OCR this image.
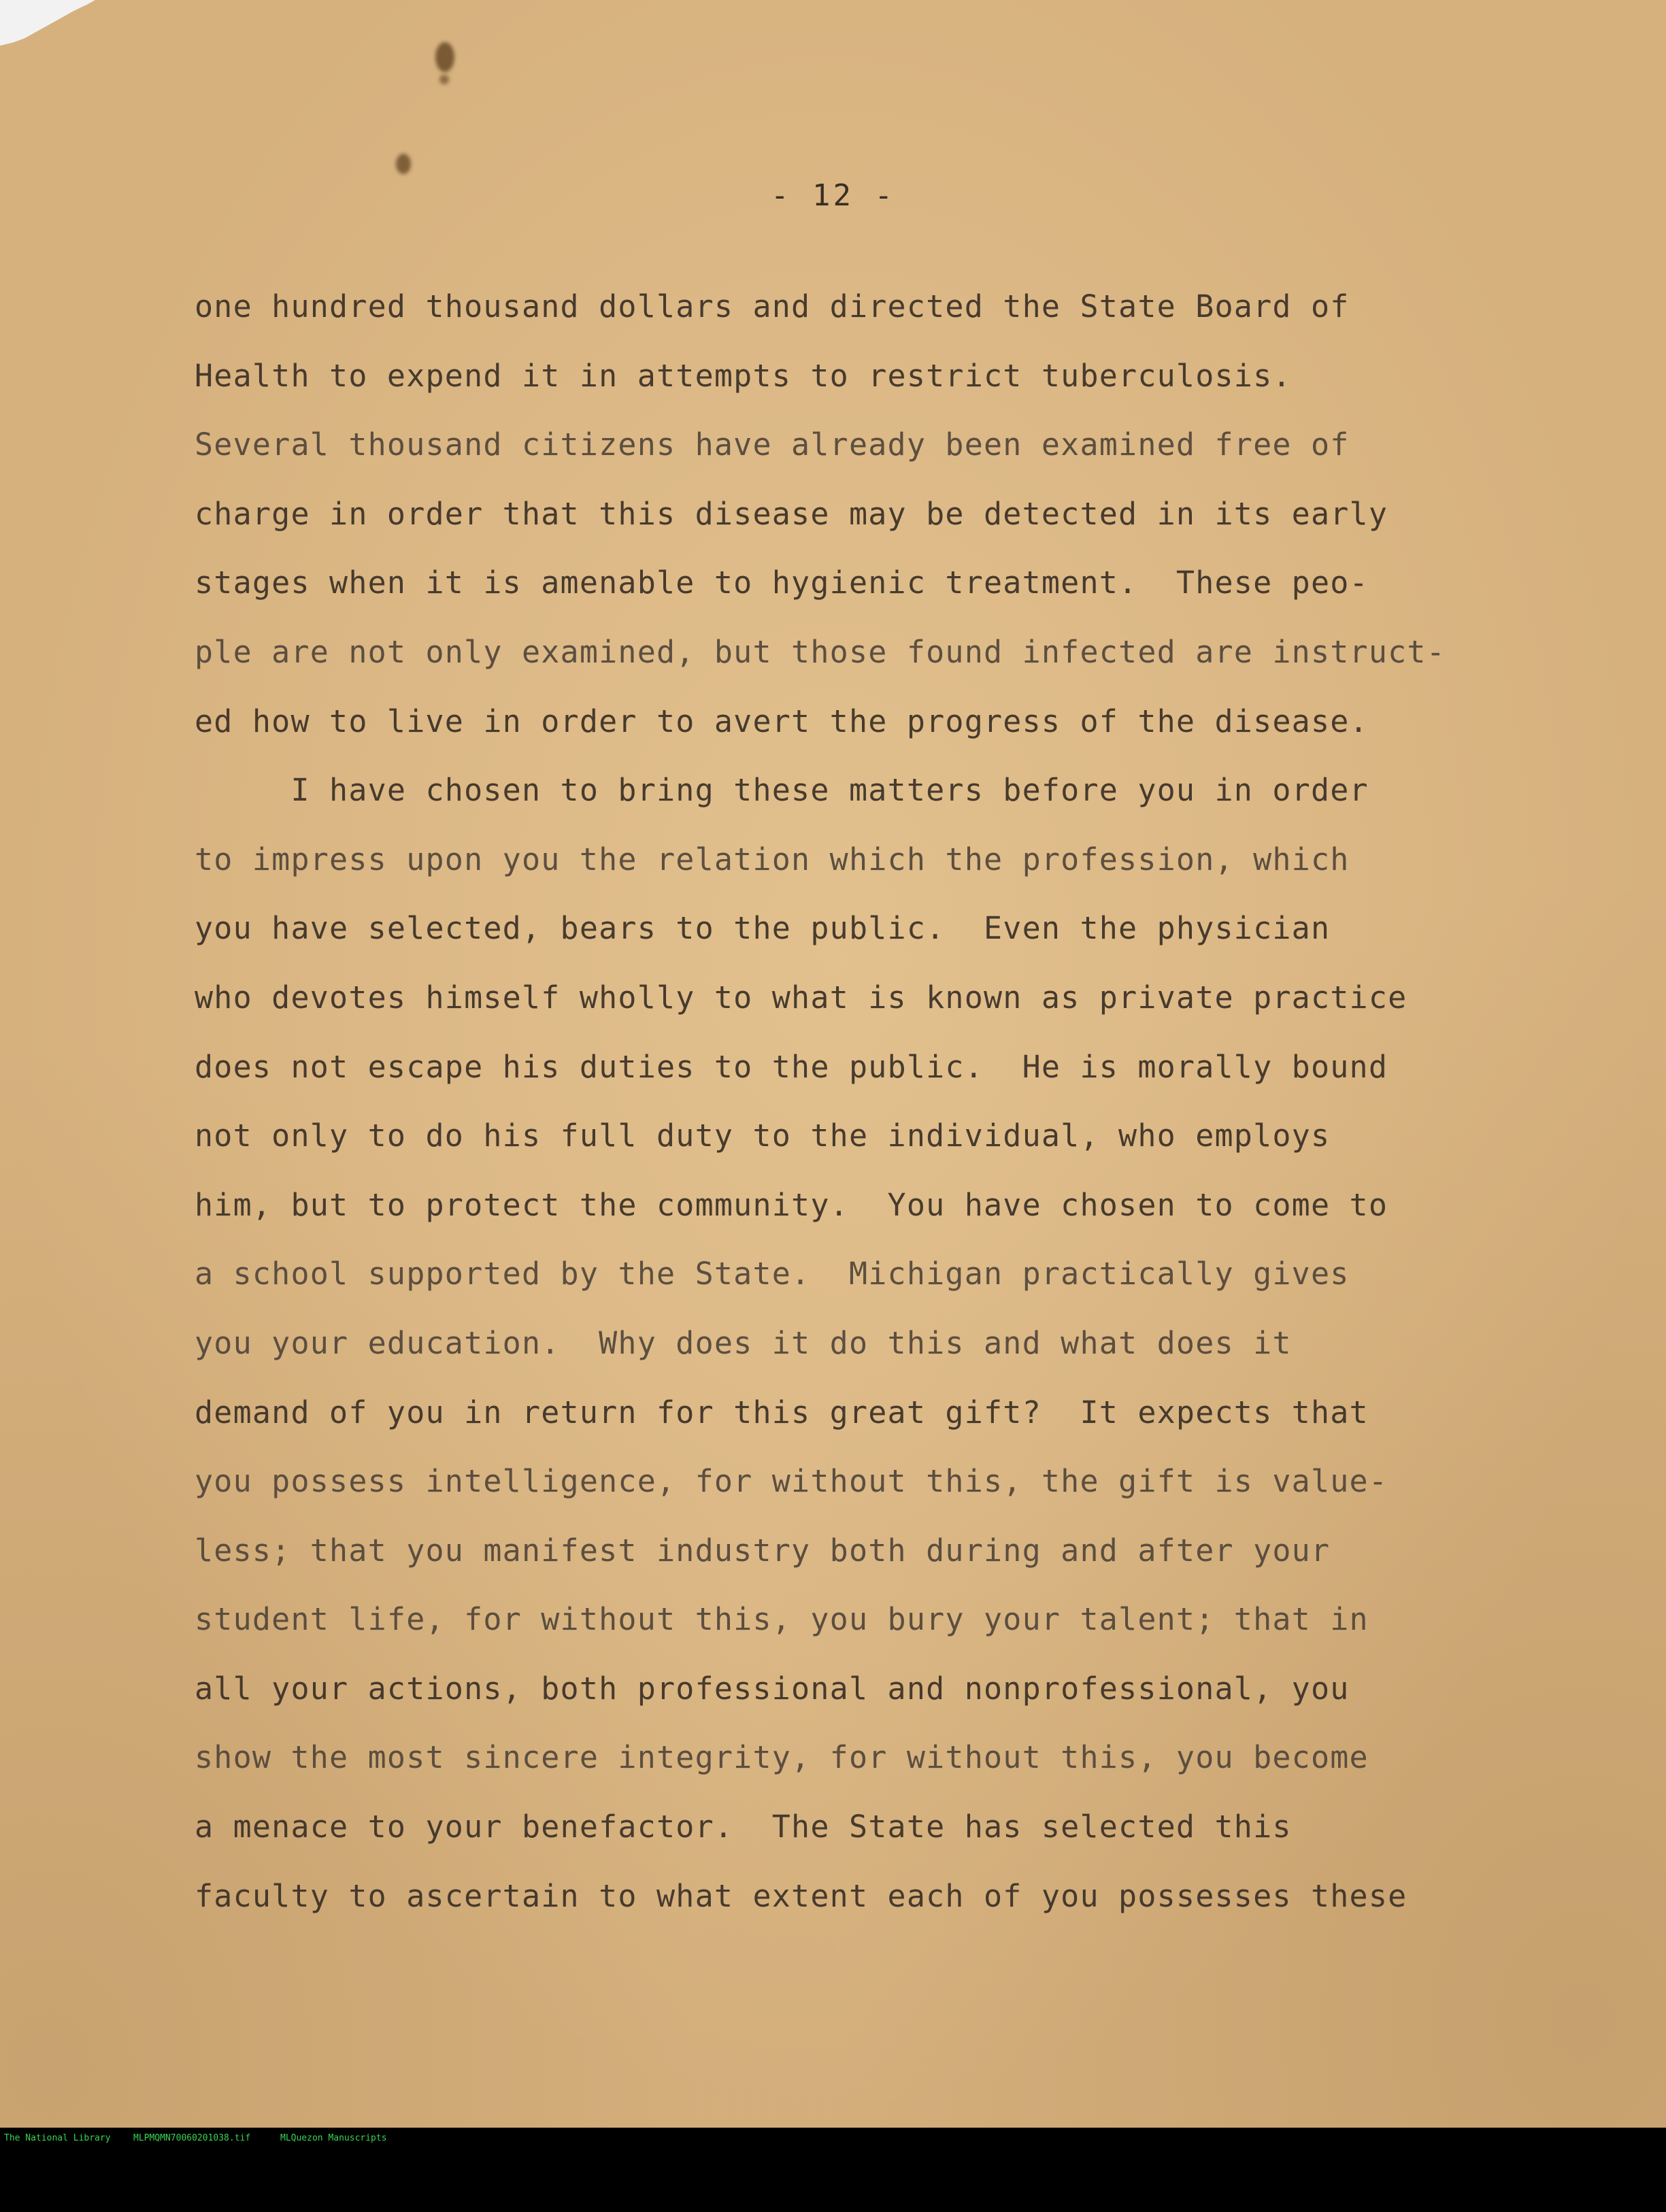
- 12 -
one hundred thousand dollars and directed the State Board of
Health to expend it in attempts to restrict tuberculosis.
Several thousand citizens have already been examined free of
charge in order that this disease may be detected in its early
stages when it is amenable to hygienic treatment.  These peo-
ple are not only examined, but those found infected are instruct-
ed how to live in order to avert the progress of the disease.
I have chosen to bring these matters before you in order
to impress upon you the relation which the profession, which
you have selected, bears to the public.  Even the physician
who devotes himself wholly to what is known as private practice
does not escape his duties to the public.  He is morally bound
not only to do his full duty to the individual, who employs
him, but to protect the community.  You have chosen to come to
a school supported by the State.  Michigan practically gives
you your education.  Why does it do this and what does it
demand of you in return for this great gift?  It expects that
you possess intelligence, for without this, the gift is value-
less; that you manifest industry both during and after your
student life, for without this, you bury your talent; that in
all your actions, both professional and nonprofessional, you
show the most sincere integrity, for without this, you become
a menace to your benefactor.  The State has selected this
faculty to ascertain to what extent each of you possesses these

The National Library

	MLPMQMN70060201038.tif

	MLQuezon Manuscripts
